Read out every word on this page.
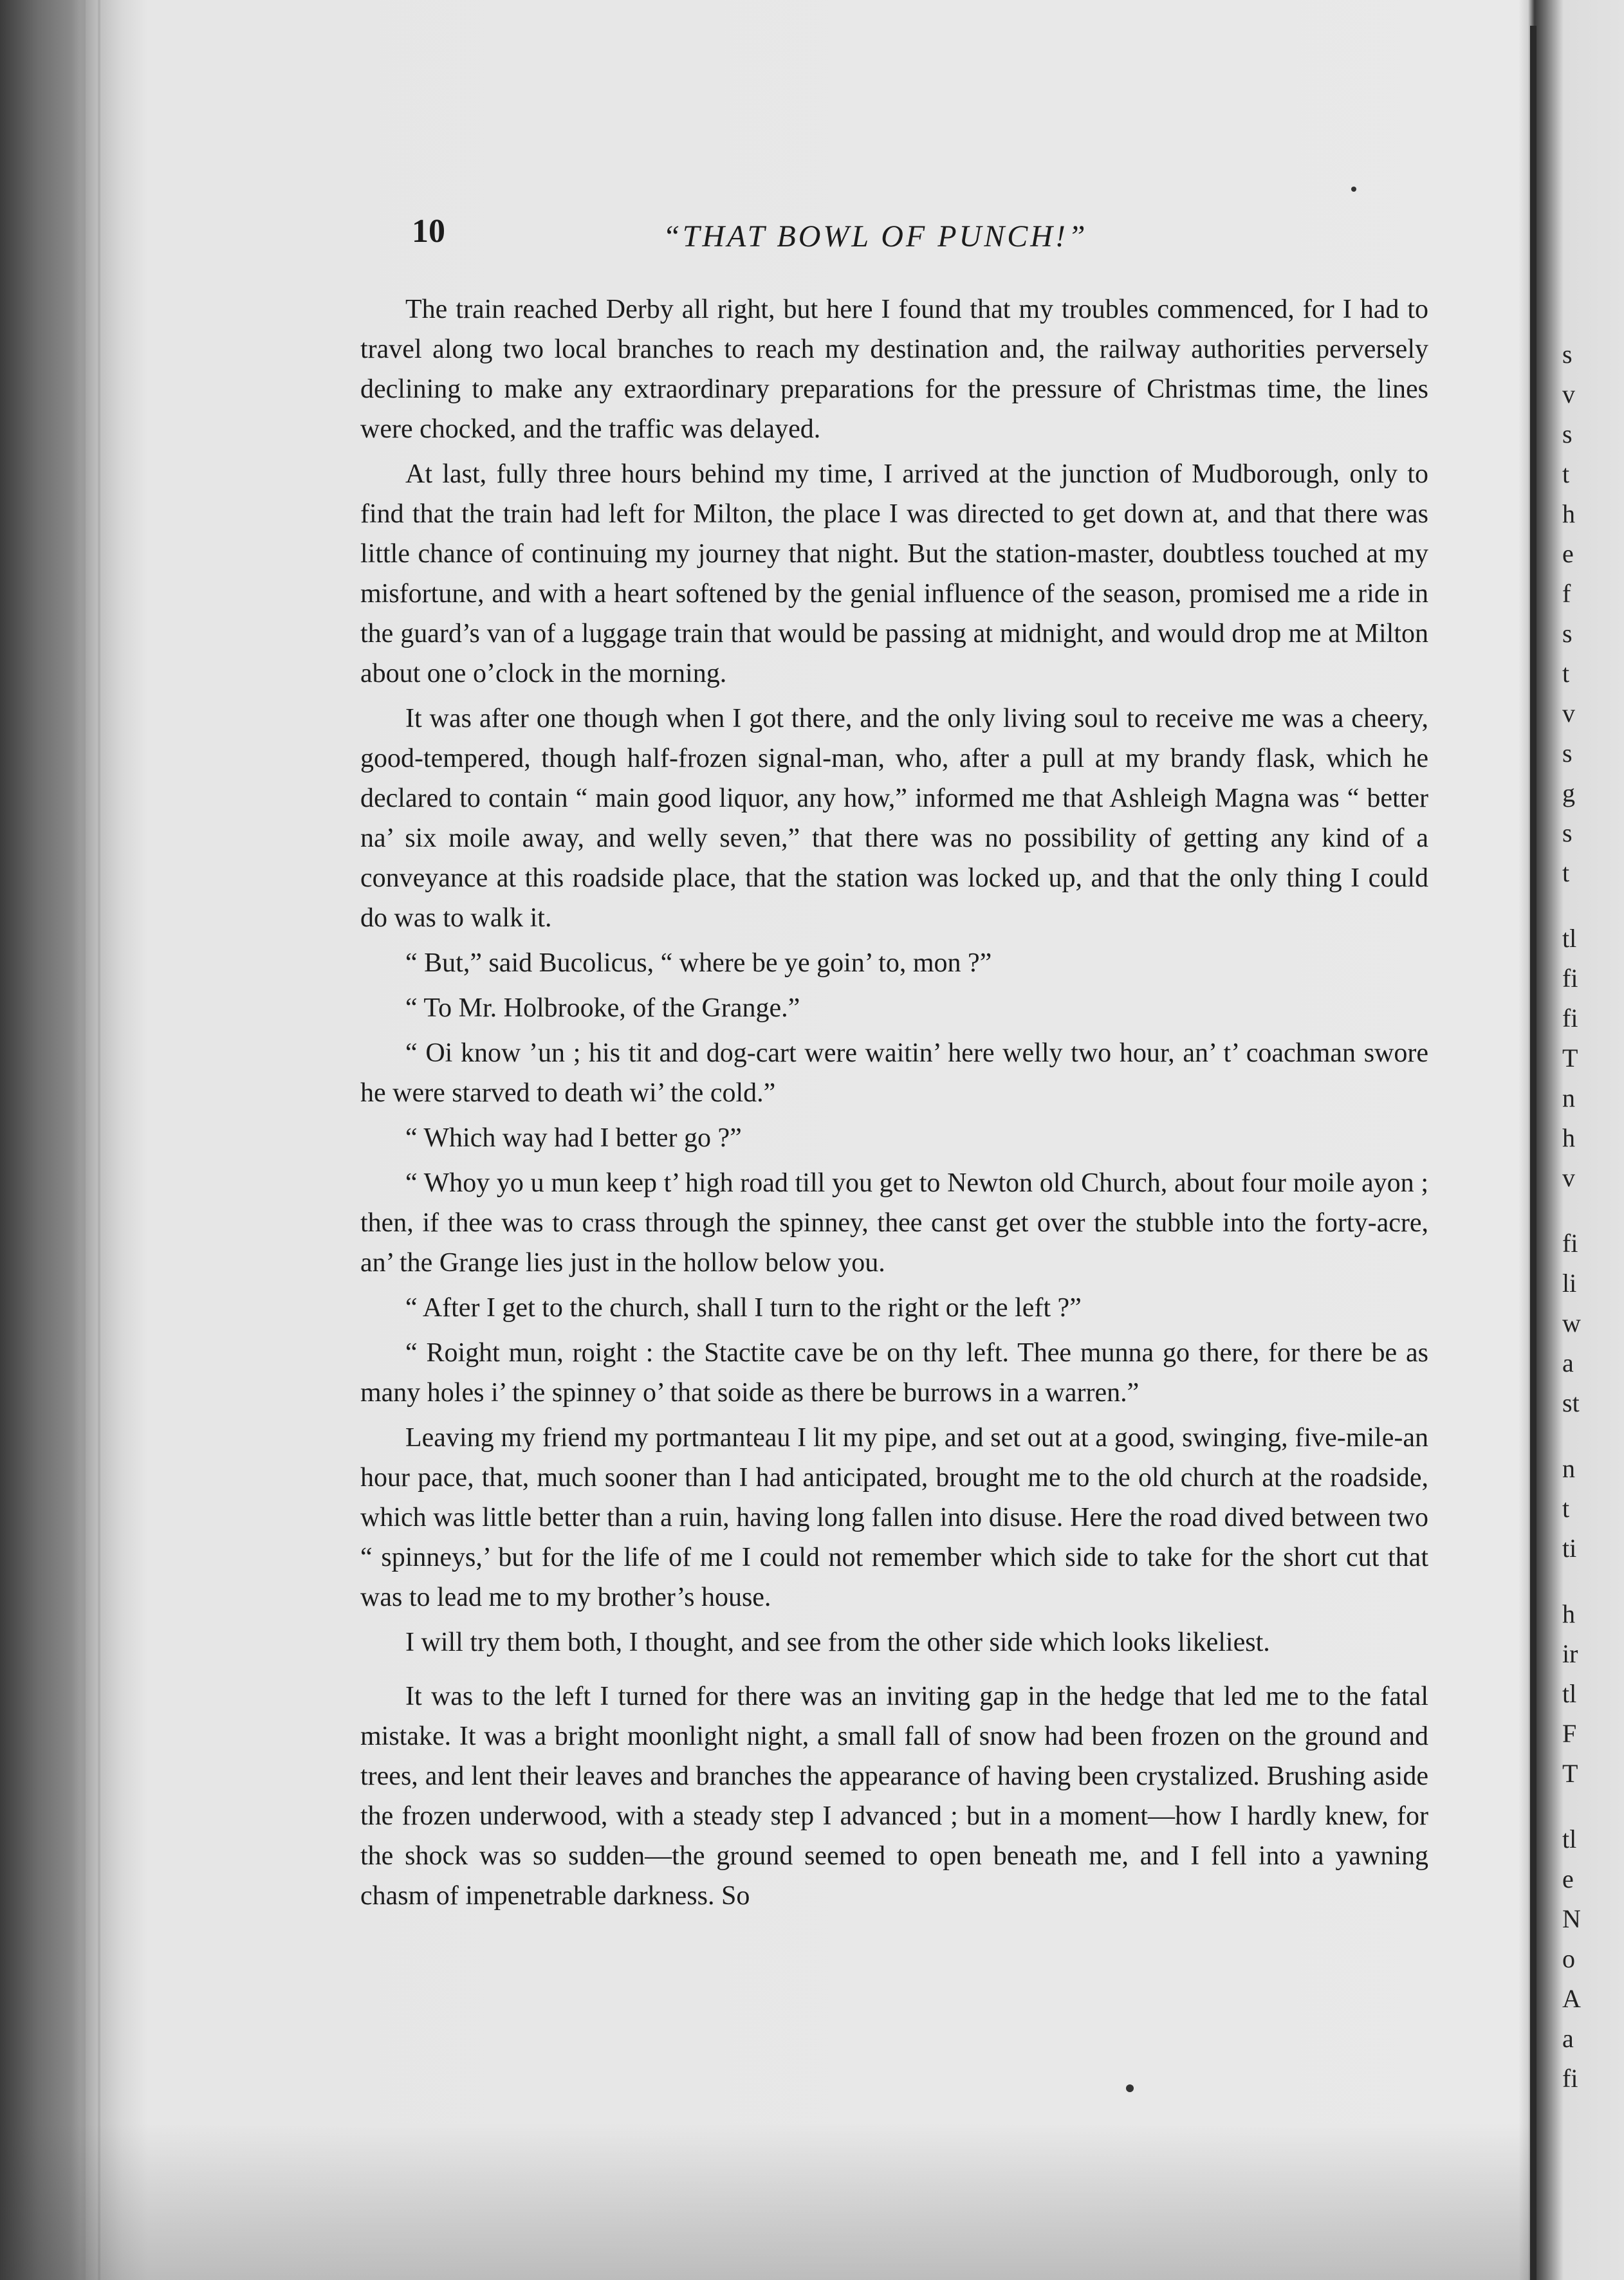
10	“THAT BOWL OF PUNCH!”

The train reached Derby all right, but here I found that my troubles commenced, for I had to travel along two local branches to reach my destination and, the railway authorities perversely declining to make any extraordinary preparations for the pressure of Christmas time, the lines were chocked, and the traffic was delayed.

At last, fully three hours behind my time, I arrived at the junction of Mudborough, only to find that the train had left for Milton, the place I was directed to get down at, and that there was little chance of continuing my journey that night. But the station-master, doubtless touched at my misfortune, and with a heart softened by the genial influence of the season, promised me a ride in the guard’s van of a luggage train that would be passing at midnight, and would drop me at Milton about one o’clock in the morning.

It was after one though when I got there, and the only living soul to receive me was a cheery, good-tempered, though half-frozen signal-man, who, after a pull at my brandy flask, which he declared to contain “ main good liquor, any how,” informed me that Ashleigh Magna was “ better na’ six moile away, and welly seven,” that there was no possibility of getting any kind of a conveyance at this roadside place, that the station was locked up, and that the only thing I could do was to walk it.

“ But,” said Bucolicus, “ where be ye goin’ to, mon ?”

“ To Mr. Holbrooke, of the Grange.”

“ Oi know ’un ; his tit and dog-cart were waitin’ here welly two hour, an’ t’ coachman swore he were starved to death wi’ the cold.”

“ Which way had I better go ?”

“ Whoy yo u mun keep t’ high road till you get to Newton old Church, about four moile ayon ; then, if thee was to crass through the spinney, thee canst get over the stubble into the forty-acre, an’ the Grange lies just in the hollow below you.

“ After I get to the church, shall I turn to the right or the left ?”

“ Roight mun, roight : the Stactite cave be on thy left. Thee munna go there, for there be as many holes i’ the spinney o’ that soide as there be burrows in a warren.”

Leaving my friend my portmanteau I lit my pipe, and set out at a good, swinging, five-mile-an hour pace, that, much sooner than I had anticipated, brought me to the old church at the roadside, which was little better than a ruin, having long fallen into disuse. Here the road dived between two “ spinneys,’ but for the life of me I could not remember which side to take for the short cut that was to lead me to my brother’s house.

I will try them both, I thought, and see from the other side which looks likeliest.

It was to the left I turned for there was an inviting gap in the hedge that led me to the fatal mistake. It was a bright moonlight night, a small fall of snow had been frozen on the ground and trees, and lent their leaves and branches the appearance of having been crystalized. Brushing aside the frozen underwood, with a steady step I advanced ; but in a moment—how I hardly knew, for the shock was so sudden—the ground seemed to open beneath me, and I fell into a yawning chasm of impenetrable darkness. So

s
v
s
t
h
e
f
s
t
v
s
g
s
t
tl
fi
fi
T
n
h
v
fi
li
w
a
st
n
t
ti
h
ir
tl
F
T
tl
e
N
o
A
a
fi
